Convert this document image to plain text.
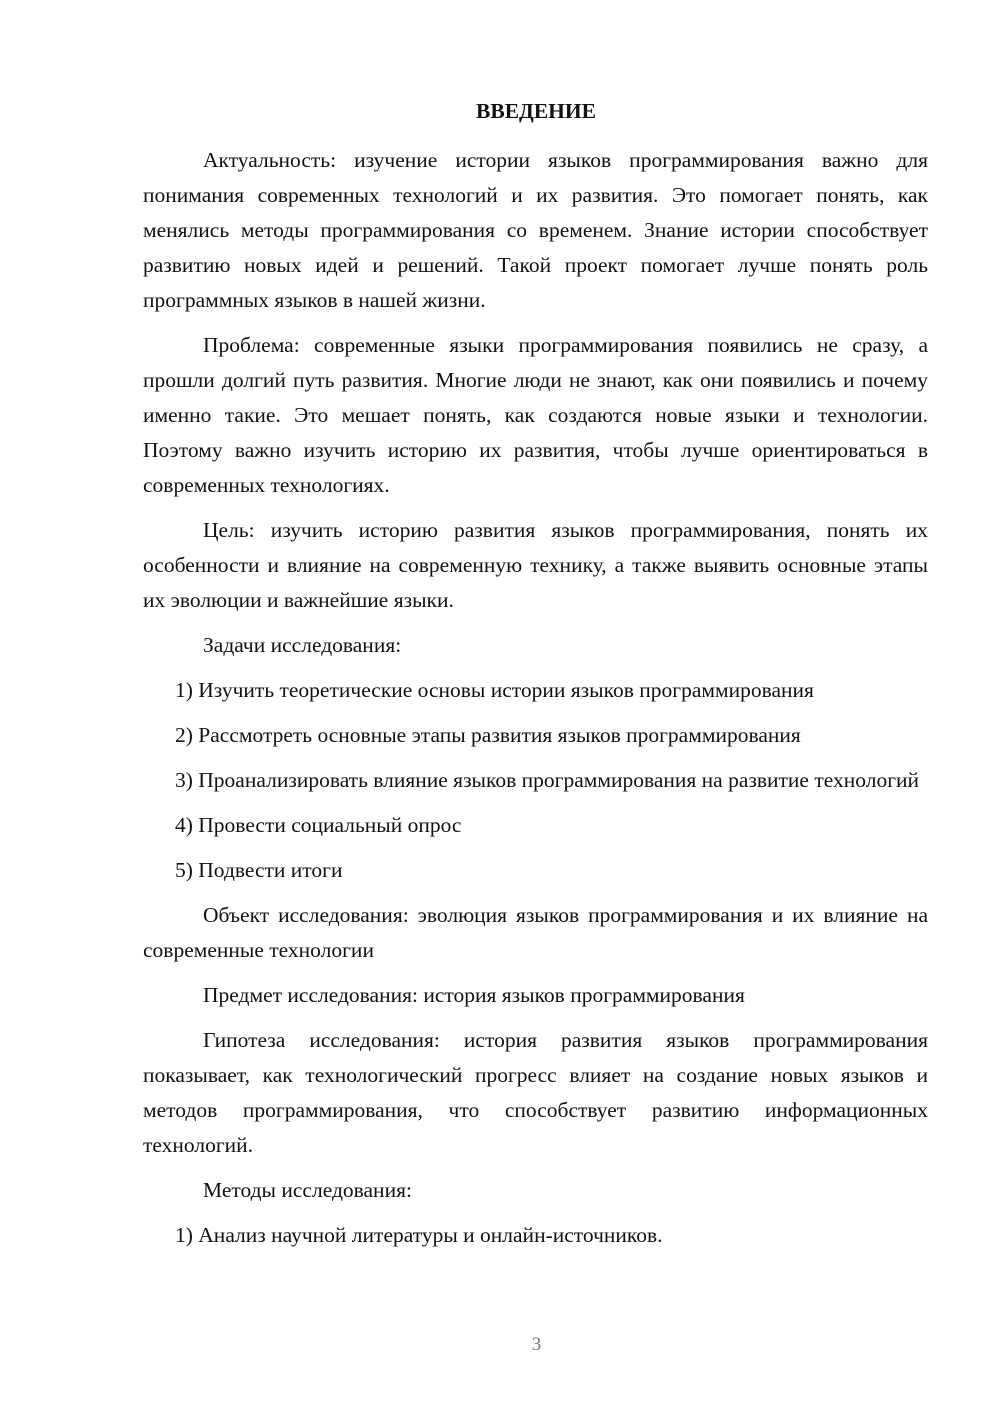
ВВЕДЕНИЕ

Актуальность: изучение истории языков программирования важно для понимания современных технологий и их развития. Это помогает понять, как менялись методы программирования со временем. Знание истории способствует развитию новых идей и решений. Такой проект помогает лучше понять роль программных языков в нашей жизни.

Проблема: современные языки программирования появились не сразу, а прошли долгий путь развития. Многие люди не знают, как они появились и почему именно такие. Это мешает понять, как создаются новые языки и технологии. Поэтому важно изучить историю их развития, чтобы лучше ориентироваться в современных технологиях.

Цель: изучить историю развития языков программирования, понять их особенности и влияние на современную технику, а также выявить основные этапы их эволюции и важнейшие языки.

Задачи исследования:

1) Изучить теоретические основы истории языков программирования

2) Рассмотреть основные этапы развития языков программирования

3) Проанализировать влияние языков программирования на развитие технологий

4) Провести социальный опрос

5) Подвести итоги

Объект исследования: эволюция языков программирования и их влияние на современные технологии

Предмет исследования: история языков программирования

Гипотеза исследования: история развития языков программирования показывает, как технологический прогресс влияет на создание новых языков и методов программирования, что способствует развитию информационных технологий.

Методы исследования:

1) Анализ научной литературы и онлайн-источников.

3
